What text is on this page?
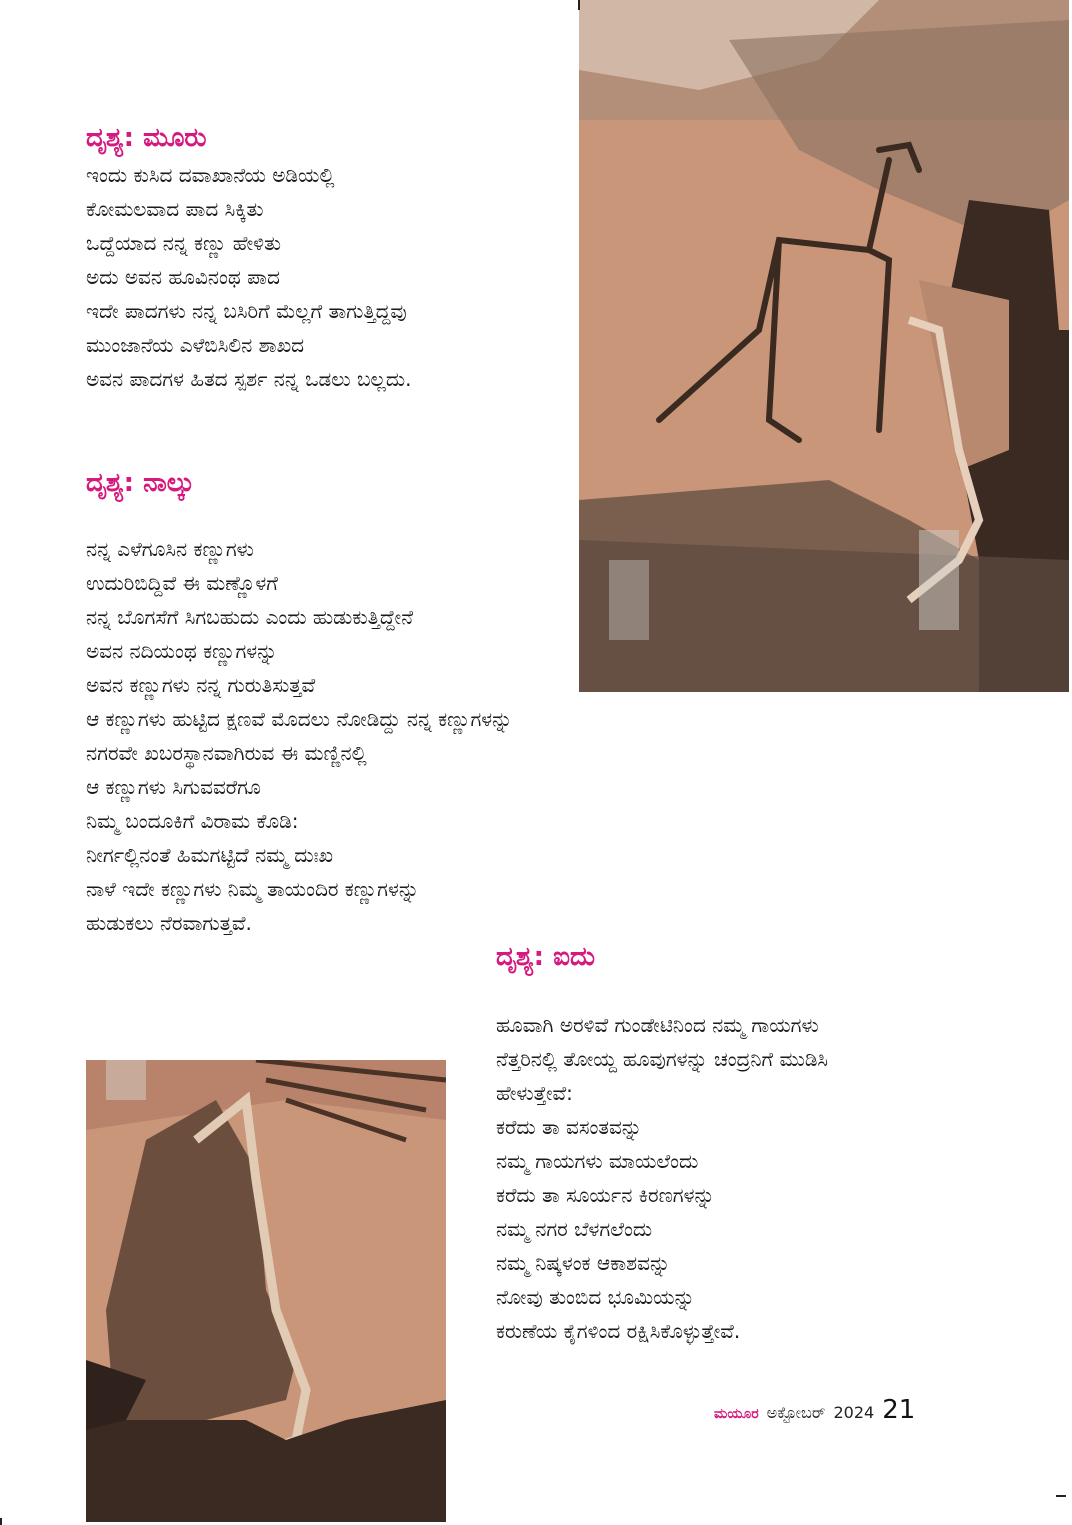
ದೃಶ್ಯ: ಮೂರು
ಇಂದು ಕುಸಿದ ದವಾಖಾನೆಯ ಅಡಿಯಲ್ಲಿ
ಕೋಮಲವಾದ ಪಾದ ಸಿಕ್ಕಿತು
ಒದ್ದೆಯಾದ ನನ್ನ ಕಣ್ಣು ಹೇಳಿತು
ಅದು ಅವನ ಹೂವಿನಂಥ ಪಾದ
ಇದೇ ಪಾದಗಳು ನನ್ನ ಬಸಿರಿಗೆ ಮೆಲ್ಲಗೆ ತಾಗುತ್ತಿದ್ದವು
ಮುಂಜಾನೆಯ ಎಳೆಬಿಸಿಲಿನ ಶಾಖದ
ಅವನ ಪಾದಗಳ ಹಿತದ ಸ್ಪರ್ಶ ನನ್ನ ಒಡಲು ಬಲ್ಲದು.
ದೃಶ್ಯ: ನಾಲ್ಕು
ನನ್ನ ಎಳೆಗೂಸಿನ ಕಣ್ಣುಗಳು
ಉದುರಿಬಿದ್ದಿವೆ ಈ ಮಣ್ಣೊಳಗೆ
ನನ್ನ ಬೊಗಸೆಗೆ ಸಿಗಬಹುದು ಎಂದು ಹುಡುಕುತ್ತಿದ್ದೇನೆ
ಅವನ ನದಿಯಂಥ ಕಣ್ಣುಗಳನ್ನು
ಅವನ ಕಣ್ಣುಗಳು ನನ್ನ ಗುರುತಿಸುತ್ತವೆ
ಆ ಕಣ್ಣುಗಳು ಹುಟ್ಟಿದ ಕ್ಷಣವೆ ಮೊದಲು ನೋಡಿದ್ದು ನನ್ನ ಕಣ್ಣುಗಳನ್ನು
ನಗರವೇ ಖಬರಸ್ಥಾನವಾಗಿರುವ ಈ ಮಣ್ಣಿನಲ್ಲಿ
ಆ ಕಣ್ಣುಗಳು ಸಿಗುವವರೆಗೂ
ನಿಮ್ಮ ಬಂದೂಕಿಗೆ ವಿರಾಮ ಕೊಡಿ:
ನೀರ್ಗಲ್ಲಿನಂತೆ ಹಿಮಗಟ್ಟಿದೆ ನಮ್ಮ ದುಃಖ
ನಾಳೆ ಇದೇ ಕಣ್ಣುಗಳು ನಿಮ್ಮ ತಾಯಂದಿರ ಕಣ್ಣುಗಳನ್ನು
ಹುಡುಕಲು ನೆರವಾಗುತ್ತವೆ.
ದೃಶ್ಯ: ಐದು
ಹೂವಾಗಿ ಅರಳಿವೆ ಗುಂಡೇಟಿನಿಂದ ನಮ್ಮ ಗಾಯಗಳು
ನೆತ್ತರಿನಲ್ಲಿ ತೋಯ್ದ ಹೂವುಗಳನ್ನು ಚಂದ್ರನಿಗೆ ಮುಡಿಸಿ
ಹೇಳುತ್ತೇವೆ:
ಕರೆದು ತಾ ವಸಂತವನ್ನು
ನಮ್ಮ ಗಾಯಗಳು ಮಾಯಲೆಂದು
ಕರೆದು ತಾ ಸೂರ್ಯನ ಕಿರಣಗಳನ್ನು
ನಮ್ಮ ನಗರ ಬೆಳಗಲೆಂದು
ನಮ್ಮ ನಿಷ್ಕಳಂಕ ಆಕಾಶವನ್ನು
ನೋವು ತುಂಬಿದ ಭೂಮಿಯನ್ನು
ಕರುಣೆಯ ಕೈಗಳಿಂದ ರಕ್ಷಿಸಿಕೊಳ್ಳುತ್ತೇವೆ.
ಮಯೂರ ಅಕ್ಟೋಬರ್ 2024 21
